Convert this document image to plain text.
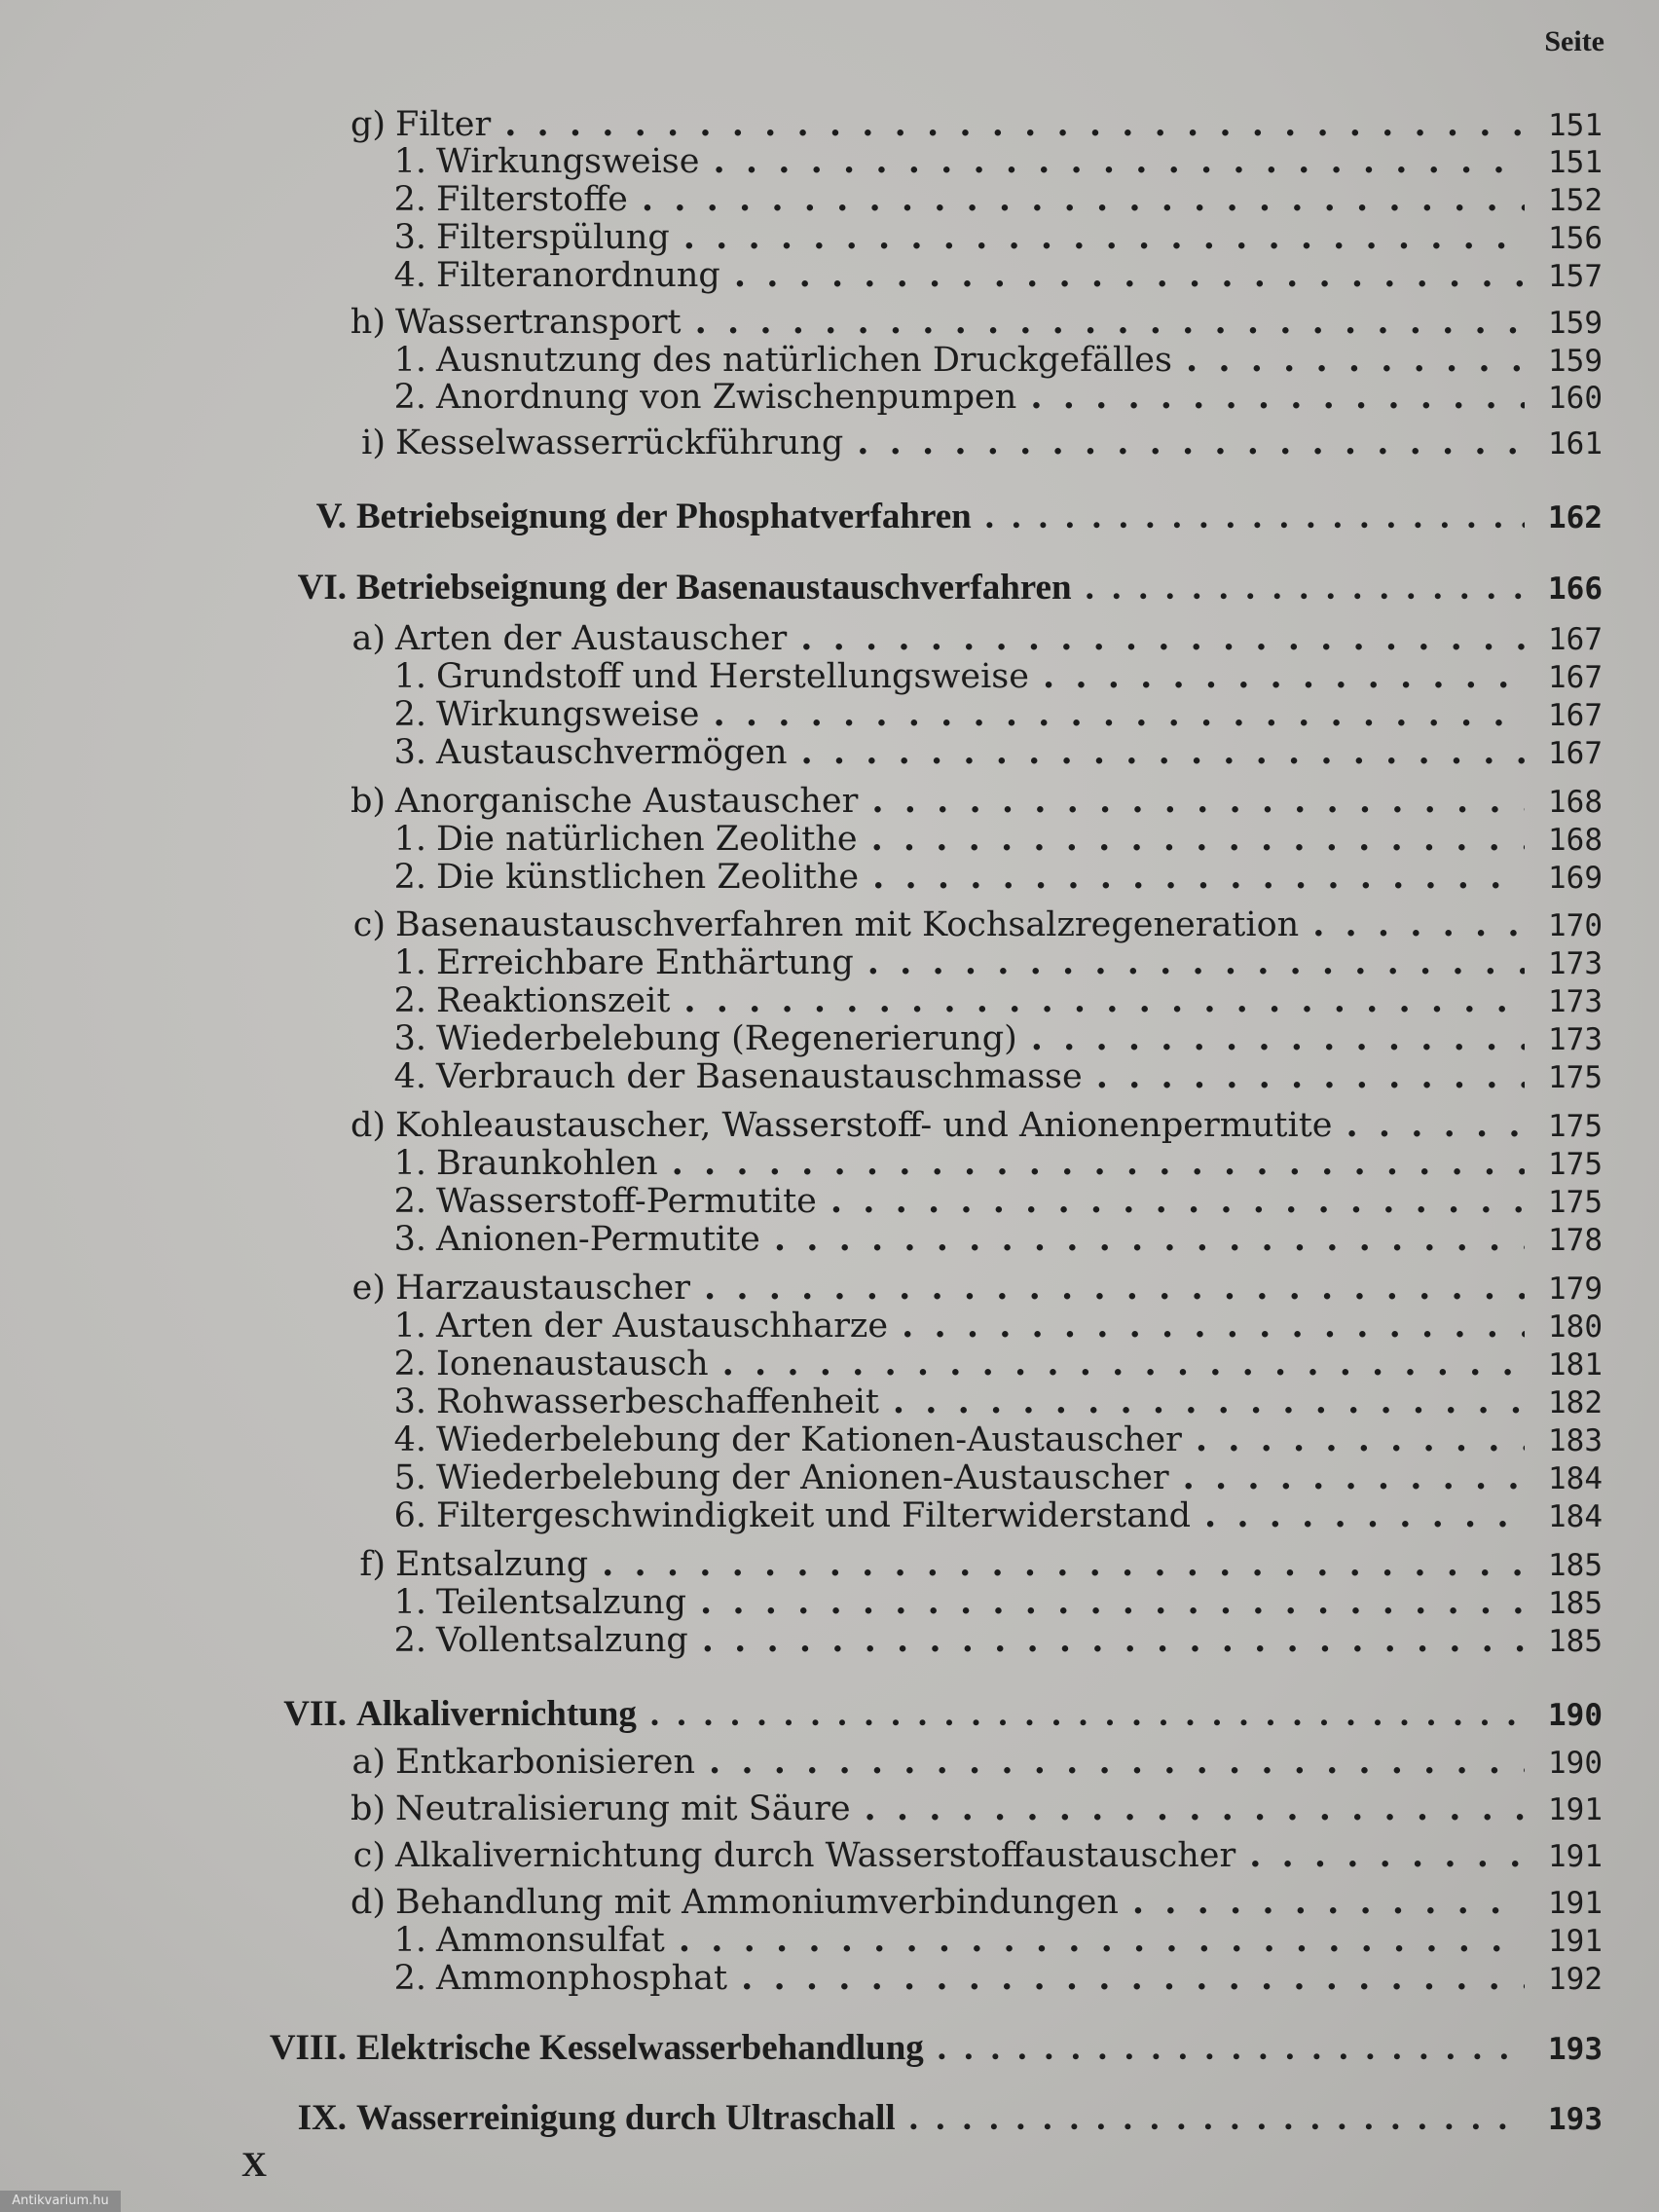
Seite
g) Filter . . .	151
1. Wirkungsweise . . .	151
2. Filterstoffe . . .	152
3. Filterspülung . . .	156
4. Filteranordnung . . .	157
h) Wassertransport . . .	159
1. Ausnutzung des natürlichen Druckgefälles . . .	159
2. Anordnung von Zwischenpumpen . . .	160
i) Kesselwasserrückführung . . .	161
V. Betriebseignung der Phosphatverfahren . . .	162
VI. Betriebseignung der Basenaustauschverfahren . . .	166
a) Arten der Austauscher . . .	167
1. Grundstoff und Herstellungsweise . . .	167
2. Wirkungsweise . . .	167
3. Austauschvermögen . . .	167
b) Anorganische Austauscher . . .	168
1. Die natürlichen Zeolithe . . .	168
2. Die künstlichen Zeolithe . . .	169
c) Basenaustauschverfahren mit Kochsalzregeneration . . .	170
1. Erreichbare Enthärtung . . .	173
2. Reaktionszeit . . .	173
3. Wiederbelebung (Regenerierung) . . .	173
4. Verbrauch der Basenaustauschmasse . . .	175
d) Kohleaustauscher, Wasserstoff- und Anionenpermutite . . .	175
1. Braunkohlen . . .	175
2. Wasserstoff-Permutite . . .	175
3. Anionen-Permutite . . .	178
e) Harzaustauscher . . .	179
1. Arten der Austauschharze . . .	180
2. Ionenaustausch . . .	181
3. Rohwasserbeschaffenheit . . .	182
4. Wiederbelebung der Kationen-Austauscher . . .	183
5. Wiederbelebung der Anionen-Austauscher . . .	184
6. Filtergeschwindigkeit und Filterwiderstand . . .	184
f) Entsalzung . . .	185
1. Teilentsalzung . . .	185
2. Vollentsalzung . . .	185
VII. Alkalivernichtung . . .	190
a) Entkarbonisieren . . .	190
b) Neutralisierung mit Säure . . .	191
c) Alkalivernichtung durch Wasserstoffaustauscher . . .	191
d) Behandlung mit Ammoniumverbindungen . . .	191
1. Ammonsulfat . . .	191
2. Ammonphosphat . . .	192
VIII. Elektrische Kesselwasserbehandlung . . .	193
IX. Wasserreinigung durch Ultraschall . . .	193
X
Antikvarium.hu
